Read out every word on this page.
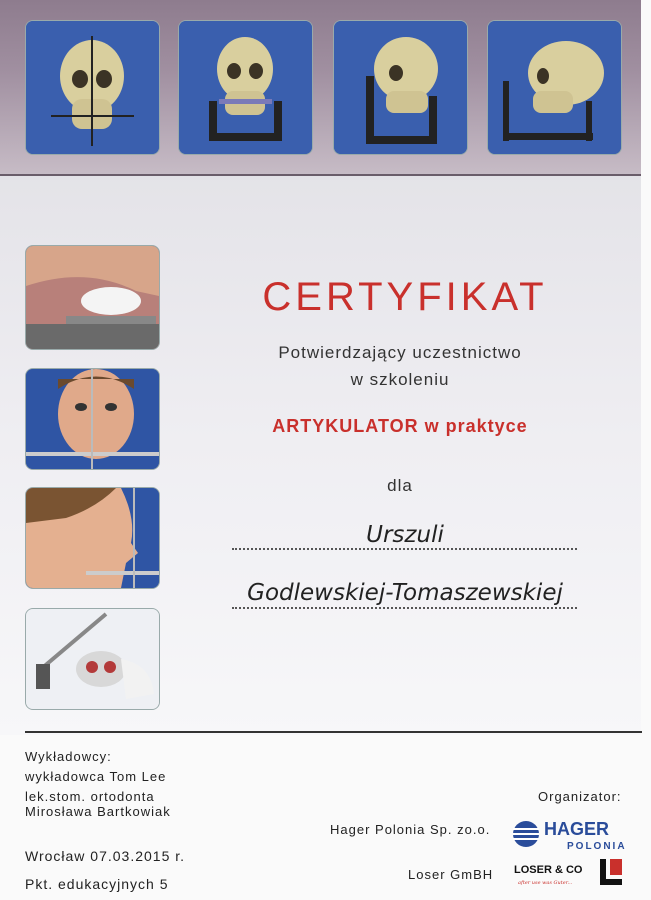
CERTYFIKAT
Potwierdzający uczestnictwo
w szkoleniu
ARTYKULATOR w praktyce
dla
Urszuli
Godlewskiej-Tomaszewskiej
Wykładowcy:
wykładowca Tom Lee
lek.stom. ortodonta
Mirosława Bartkowiak
Wrocław 07.03.2015 r.
Pkt. edukacyjnych 5
Organizator:
Hager Polonia Sp. zo.o.
Loser GmBH
HAGER
POLONIA
LOSER & CO
after use was Guter...
